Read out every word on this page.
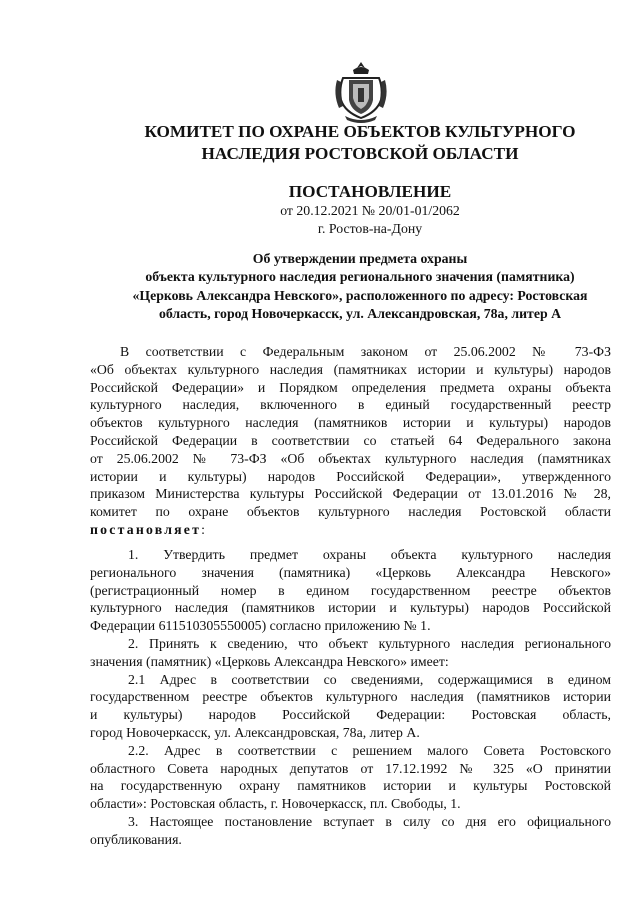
КОМИТЕТ ПО ОХРАНЕ ОБЪЕКТОВ КУЛЬТУРНОГО
НАСЛЕДИЯ РОСТОВСКОЙ ОБЛАСТИ
ПОСТАНОВЛЕНИЕ
от 20.12.2021 № 20/01-01/2062
г. Ростов-на-Дону
Об утверждении предмета охраны
объекта культурного наследия регионального значения (памятника)
«Церковь Александра Невского», расположенного по адресу: Ростовская
область, город Новочеркасск, ул. Александровская, 78а, литер А
В соответствии с Федеральным законом от 25.06.2002 № 73-ФЗ
«Об объектах культурного наследия (памятниках истории и культуры) народов
Российской Федерации» и Порядком определения предмета охраны объекта
культурного наследия, включенного в единый государственный реестр
объектов культурного наследия (памятников истории и культуры) народов
Российской Федерации в соответствии со статьей 64 Федерального закона
от 25.06.2002 № 73-ФЗ «Об объектах культурного наследия (памятниках
истории и культуры) народов Российской Федерации», утвержденного
приказом Министерства культуры Российской Федерации от 13.01.2016 № 28,
комитет по охране объектов культурного наследия Ростовской области
постановляет:
1. Утвердить предмет охраны объекта культурного наследия
регионального значения (памятника) «Церковь Александра Невского»
(регистрационный номер в едином государственном реестре объектов
культурного наследия (памятников истории и культуры) народов Российской
Федерации 611510305550005) согласно приложению № 1.
2. Принять к сведению, что объект культурного наследия регионального
значения (памятник) «Церковь Александра Невского» имеет:
2.1 Адрес в соответствии со сведениями, содержащимися в едином
государственном реестре объектов культурного наследия (памятников истории
и культуры) народов Российской Федерации: Ростовская область,
город Новочеркасск, ул. Александровская, 78а, литер А.
2.2. Адрес в соответствии с решением малого Совета Ростовского
областного Совета народных депутатов от 17.12.1992 № 325 «О принятии
на государственную охрану памятников истории и культуры Ростовской
области»: Ростовская область, г. Новочеркасск, пл. Свободы, 1.
3. Настоящее постановление вступает в силу со дня его официального
опубликования.
